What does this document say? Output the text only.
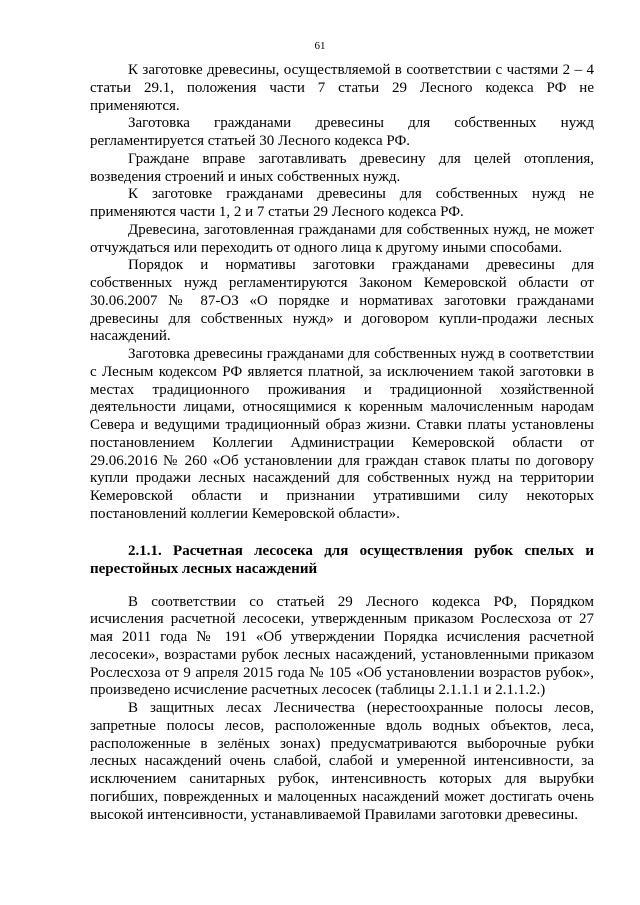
61

К заготовке древесины, осуществляемой в соответствии с частями 2 – 4 статьи 29.1, положения части 7 статьи 29 Лесного кодекса РФ не применяются.

Заготовка гражданами древесины для собственных нужд регламентируется статьей 30 Лесного кодекса РФ.

Граждане вправе заготавливать древесину для целей отопления, возведения строений и иных собственных нужд.

К заготовке гражданами древесины для собственных нужд не применяются части 1, 2 и 7 статьи 29 Лесного кодекса РФ.

Древесина, заготовленная гражданами для собственных нужд, не может отчуждаться или переходить от одного лица к другому иными способами.

Порядок и нормативы заготовки гражданами древесины для собственных нужд регламентируются Законом Кемеровской области от 30.06.2007 № 87-ОЗ «О порядке и нормативах заготовки гражданами древесины для собственных нужд» и договором купли-продажи лесных насаждений.

Заготовка древесины гражданами для собственных нужд в соответствии с Лесным кодексом РФ является платной, за исключением такой заготовки в местах традиционного проживания и традиционной хозяйственной деятельности лицами, относящимися к коренным малочисленным народам Севера и ведущими традиционный образ жизни. Ставки платы установлены постановлением Коллегии Администрации Кемеровской области от 29.06.2016 № 260 «Об установлении для граждан ставок платы по договору купли продажи лесных насаждений для собственных нужд на территории Кемеровской области и признании утратившими силу некоторых постановлений коллегии Кемеровской области».

2.1.1. Расчетная лесосека для осуществления рубок спелых и перестойных лесных насаждений

В соответствии со статьей 29 Лесного кодекса РФ, Порядком исчисления расчетной лесосеки, утвержденным приказом Рослесхоза от 27 мая 2011 года № 191 «Об утверждении Порядка исчисления расчетной лесосеки», возрастами рубок лесных насаждений, установленными приказом Рослесхоза от 9 апреля 2015 года № 105 «Об установлении возрастов рубок», произведено исчисление расчетных лесосек (таблицы 2.1.1.1 и 2.1.1.2.)

В защитных лесах Лесничества (нерестоохранные полосы лесов, запретные полосы лесов, расположенные вдоль водных объектов, леса, расположенные в зелёных зонах) предусматриваются выборочные рубки лесных насаждений очень слабой, слабой и умеренной интенсивности, за исключением санитарных рубок, интенсивность которых для вырубки погибших, поврежденных и малоценных насаждений может достигать очень высокой интенсивности, устанавливаемой Правилами заготовки древесины.
